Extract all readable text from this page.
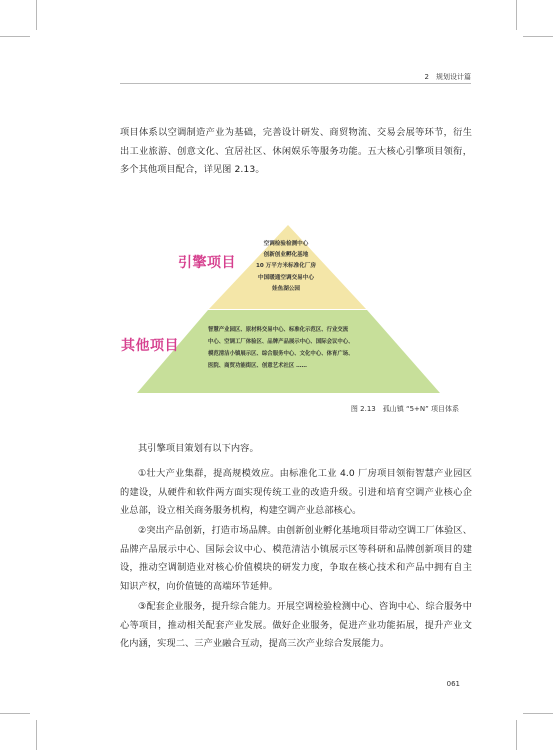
2　规划设计篇

项目体系以空调制造产业为基础，完善设计研发、商贸物流、交易会展等环节，衍生出工业旅游、创意文化、宜居社区、休闲娱乐等服务功能。五大核心引擎项目领衔，多个其他项目配合，详见图 2.13。

引擎项目
其他项目
空调检验检测中心
创新创业孵化基地
10 万平方米标准化厂房
中国暖通空调交易中心
娃鱼湖公园
智慧产业园区、原材料交易中心、标准化示范区、行业交流
中心、空调工厂体验区、品牌产品展示中心、国际会议中心、
模范清洁小镇展示区、综合服务中心、文化中心、体育广场、
医院、商贸功能街区、创意艺术社区 ……
图 2.13　孤山镇 “5+N” 项目体系

其引擎项目策划有以下内容。

①壮大产业集群，提高规模效应。由标准化工业 4.0 厂房项目领衔智慧产业园区的建设，从硬件和软件两方面实现传统工业的改造升级。引进和培育空调产业核心企业总部，设立相关商务服务机构，构建空调产业总部核心。

②突出产品创新，打造市场品牌。由创新创业孵化基地项目带动空调工厂体验区、品牌产品展示中心、国际会议中心、模范清洁小镇展示区等科研和品牌创新项目的建设，推动空调制造业对核心价值模块的研发力度，争取在核心技术和产品中拥有自主知识产权，向价值链的高端环节延伸。

③配套企业服务，提升综合能力。开展空调检验检测中心、咨询中心、综合服务中心等项目，推动相关配套产业发展。做好企业服务，促进产业功能拓展，提升产业文化内涵，实现二、三产业融合互动，提高三次产业综合发展能力。

061
